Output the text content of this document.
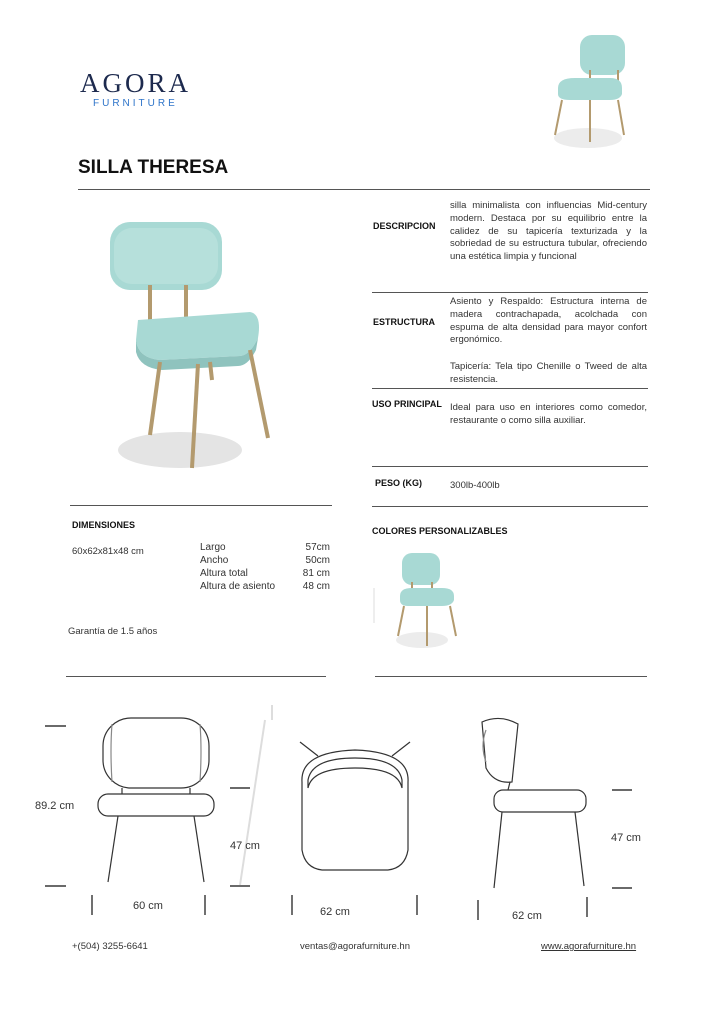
AGORA
FURNITURE
SILLA THERESA
DESCRIPCION
silla minimalista con influencias Mid-century modern. Destaca por su equilibrio entre la calidez de su tapicería texturizada y la sobriedad de su estructura tubular, ofreciendo una estética limpia y funcional
ESTRUCTURA
Asiento y Respaldo: Estructura interna de madera contrachapada, acolchada con espuma de alta densidad para mayor confort ergonómico.
Tapicería: Tela tipo Chenille o Tweed de alta resistencia.
USO PRINCIPAL Ideal para uso en interiores como comedor, restaurante o como silla auxiliar.
PESO (KG)	300lb-400lb
DIMENSIONES
60x62x81x48 cm	Largo	57cm
Ancho	50cm
Altura total	81 cm
Altura de asiento	48 cm
Garantía de 1.5 años
COLORES PERSONALIZABLES
89.2 cm
47 cm
60 cm	62 cm	62 cm
47 cm
+(504) 3255-6641	ventas@agorafurniture.hn	www.agorafurniture.hn
